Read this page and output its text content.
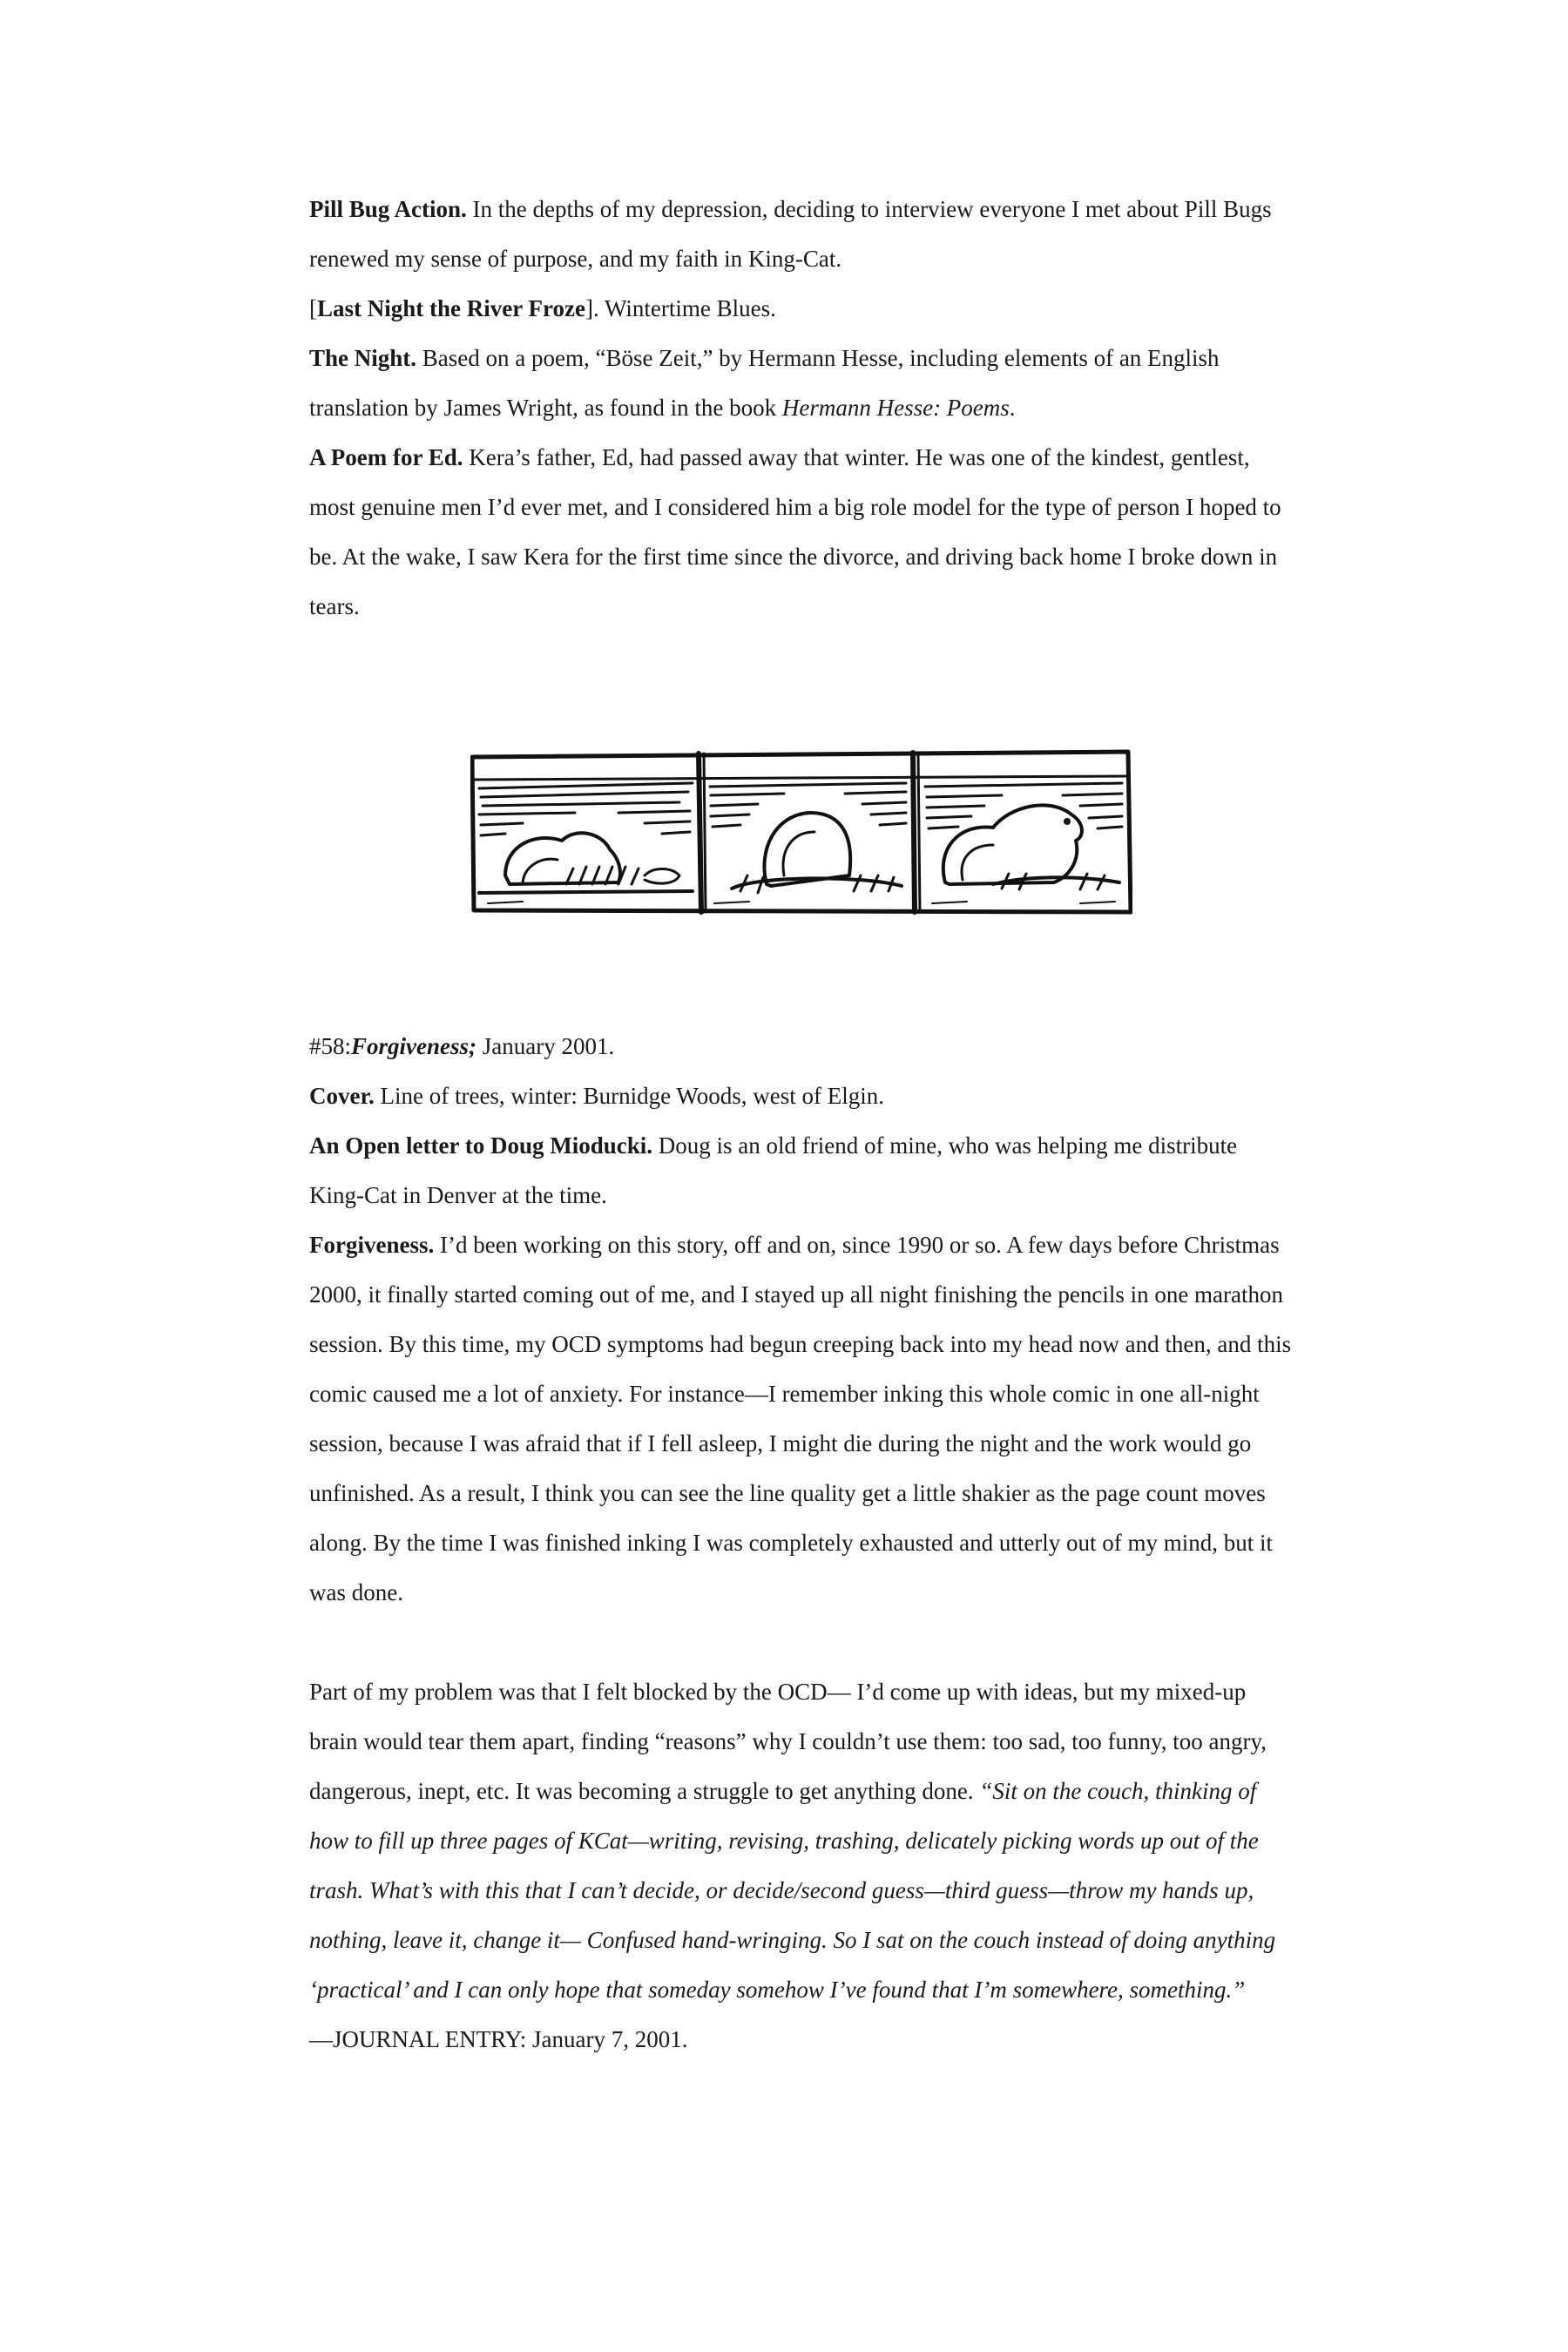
Pill Bug Action. In the depths of my depression, deciding to interview everyone I met about Pill Bugs renewed my sense of purpose, and my faith in King-Cat.

[Last Night the River Froze]. Wintertime Blues.

The Night. Based on a poem, “Böse Zeit,” by Hermann Hesse, including elements of an English translation by James Wright, as found in the book Hermann Hesse: Poems.

A Poem for Ed. Kera’s father, Ed, had passed away that winter. He was one of the kindest, gentlest, most genuine men I’d ever met, and I considered him a big role model for the type of person I hoped to be. At the wake, I saw Kera for the first time since the divorce, and driving back home I broke down in tears.

#58:Forgiveness; January 2001.

Cover. Line of trees, winter: Burnidge Woods, west of Elgin.

An Open letter to Doug Mioducki. Doug is an old friend of mine, who was helping me distribute King-Cat in Denver at the time.

Forgiveness. I’d been working on this story, off and on, since 1990 or so. A few days before Christmas 2000, it finally started coming out of me, and I stayed up all night finishing the pencils in one marathon session. By this time, my OCD symptoms had begun creeping back into my head now and then, and this comic caused me a lot of anxiety. For instance—I remember inking this whole comic in one all-night session, because I was afraid that if I fell asleep, I might die during the night and the work would go unfinished. As a result, I think you can see the line quality get a little shakier as the page count moves along. By the time I was finished inking I was completely exhausted and utterly out of my mind, but it was done.

Part of my problem was that I felt blocked by the OCD— I’d come up with ideas, but my mixed-up brain would tear them apart, finding “reasons” why I couldn’t use them: too sad, too funny, too angry, dangerous, inept, etc. It was becoming a struggle to get anything done. “Sit on the couch, thinking of how to fill up three pages of KCat—writing, revising, trashing, delicately picking words up out of the trash. What’s with this that I can’t decide, or decide/second guess—third guess—throw my hands up, nothing, leave it, change it— Confused hand-wringing. So I sat on the couch instead of doing anything ‘practical’ and I can only hope that someday somehow I’ve found that I’m somewhere, something.”

—JOURNAL ENTRY: January 7, 2001.
